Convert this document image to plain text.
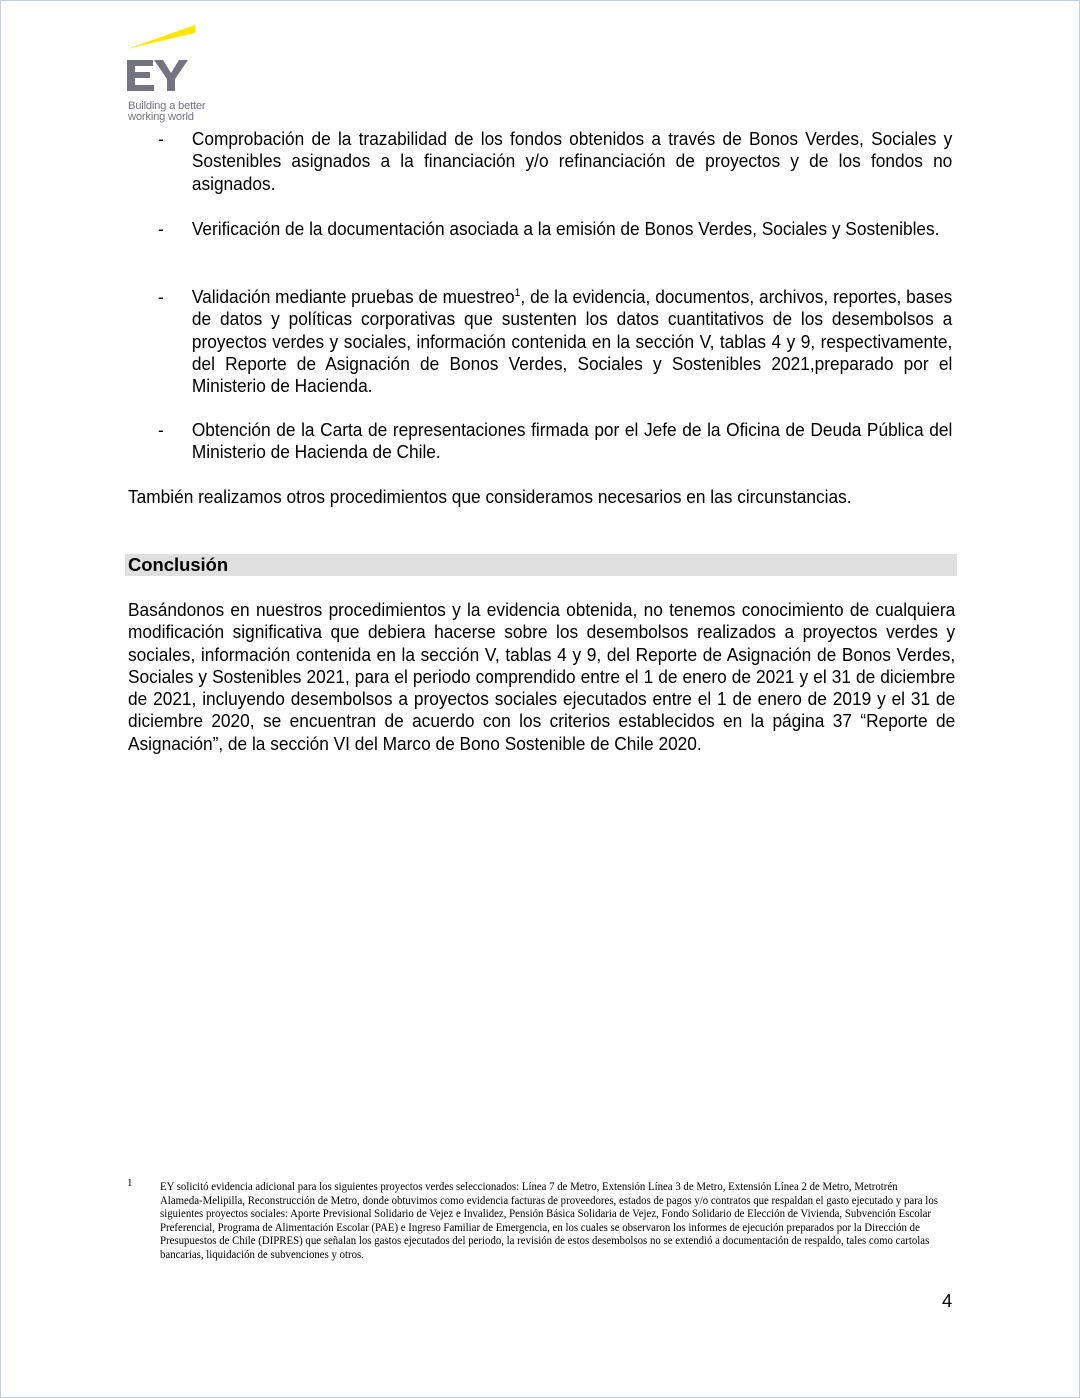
Building a better
working world
- Comprobación de la trazabilidad de los fondos obtenidos a través de Bonos Verdes, Sociales y Sostenibles asignados a la financiación y/o refinanciación de proyectos y de los fondos no asignados.
- Verificación de la documentación asociada a la emisión de Bonos Verdes, Sociales y Sostenibles.
- Validación mediante pruebas de muestreo$^1$, de la evidencia, documentos, archivos, reportes, bases de datos y políticas corporativas que sustenten los datos cuantitativos de los desembolsos a proyectos verdes y sociales, información contenida en la sección V, tablas 4 y 9, respectivamente, del Reporte de Asignación de Bonos Verdes, Sociales y Sostenibles 2021,preparado por el Ministerio de Hacienda.
- Obtención de la Carta de representaciones firmada por el Jefe de la Oficina de Deuda Pública del Ministerio de Hacienda de Chile.
También realizamos otros procedimientos que consideramos necesarios en las circunstancias.
Conclusión
Basándonos en nuestros procedimientos y la evidencia obtenida, no tenemos conocimiento de cualquiera modificación significativa que debiera hacerse sobre los desembolsos realizados a proyectos verdes y sociales, información contenida en la sección V, tablas 4 y 9, del Reporte de Asignación de Bonos Verdes, Sociales y Sostenibles 2021, para el periodo comprendido entre el 1 de enero de 2021 y el 31 de diciembre de 2021, incluyendo desembolsos a proyectos sociales ejecutados entre el 1 de enero de 2019 y el 31 de diciembre 2020, se encuentran de acuerdo con los criterios establecidos en la página 37 “Reporte de Asignación”, de la sección VI del Marco de Bono Sostenible de Chile 2020.
1 EY solicitó evidencia adicional para los siguientes proyectos verdes seleccionados: Línea 7 de Metro, Extensión Línea 3 de Metro, Extensión Línea 2 de Metro, Metrotrén Alameda-Melipilla, Reconstrucción de Metro, donde obtuvimos como evidencia facturas de proveedores, estados de pagos y/o contratos que respaldan el gasto ejecutado y para los siguientes proyectos sociales: Aporte Previsional Solidario de Vejez e Invalidez, Pensión Básica Solidaria de Vejez, Fondo Solidario de Elección de Vivienda, Subvención Escolar Preferencial, Programa de Alimentación Escolar (PAE) e Ingreso Familiar de Emergencia, en los cuales se observaron los informes de ejecución preparados por la Dirección de Presupuestos de Chile (DIPRES) que señalan los gastos ejecutados del periodo, la revisión de estos desembolsos no se extendió a documentación de respaldo, tales como cartolas bancarias, liquidación de subvenciones y otros.
4
